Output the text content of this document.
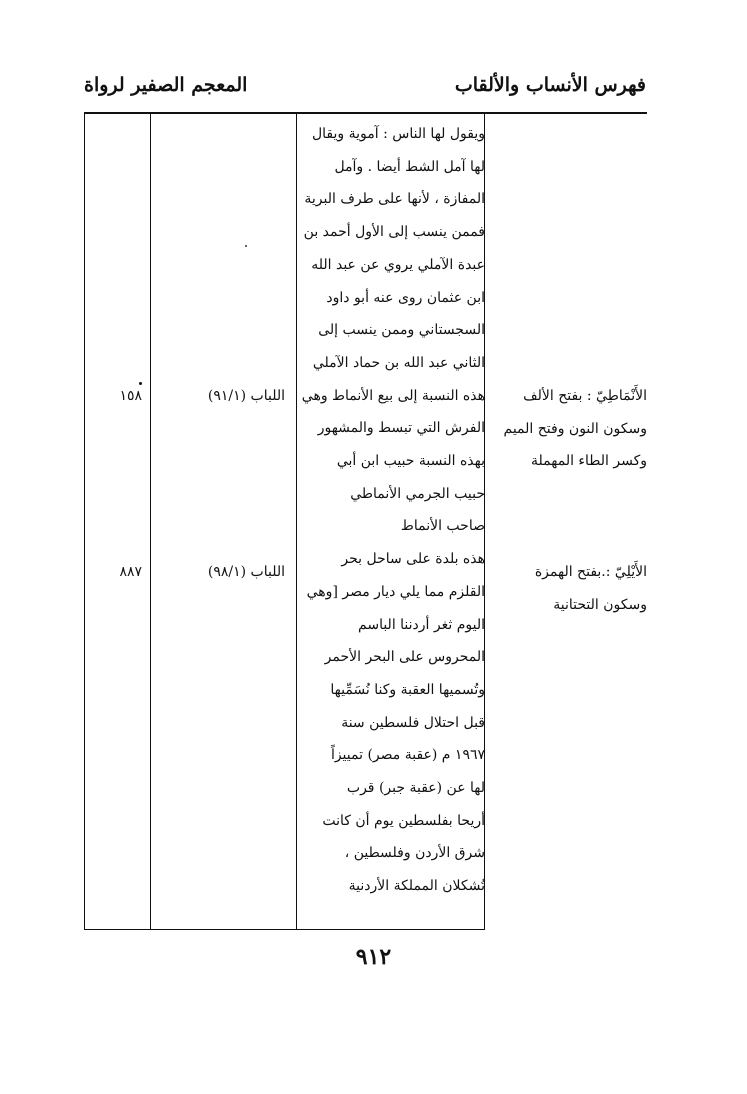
فهرس الأنساب والألقاب
المعجم الصفير لرواة
ويقول لها الناس : آموية ويقال
لها آمل الشط أيضا . وآمل
المفازة ، لأنها على طرف البرية
فممن ينسب إلى الأول أحمد بن
عبدة الآملي يروي عن عبد الله
ابن عثمان روى عنه أبو داود
السجستاني وممن ينسب إلى
الثاني عبد الله بن حماد الآملي
هذه النسبة إلى بيع الأنماط وهي
الفرش التي تبسط والمشهور
بهذه النسبة حبيب ابن أبي
حبيب الجرمي الأنماطي
صاحب الأنماط
هذه بلدة على ساحل بحر
القلزم مما يلي ديار مصر [وهي
اليوم ثغر أردننا الباسم
المحروس على البحر الأحمر
وتُسميها العقبة وكنا نُسَمِّيها
قبل احتلال فلسطين سنة
١٩٦٧ م (عقبة مصر) تمييزاً
لها عن (عقبة جبر) قرب
أريحا بفلسطين يوم أن كانت
شرق الأردن وفلسطين ،
تُشكلان المملكة الأردنية
الأَنْمَاطِيّ : بفتح الألف
وسكون النون وفتح الميم
وكسر الطاء المهملة
اللباب (٩١/١)
١٥٨
الأَيْلِيّ :.بفتح الهمزة
وسكون التحتانية
اللباب (٩٨/١)
٨٨٧
٩١٢
